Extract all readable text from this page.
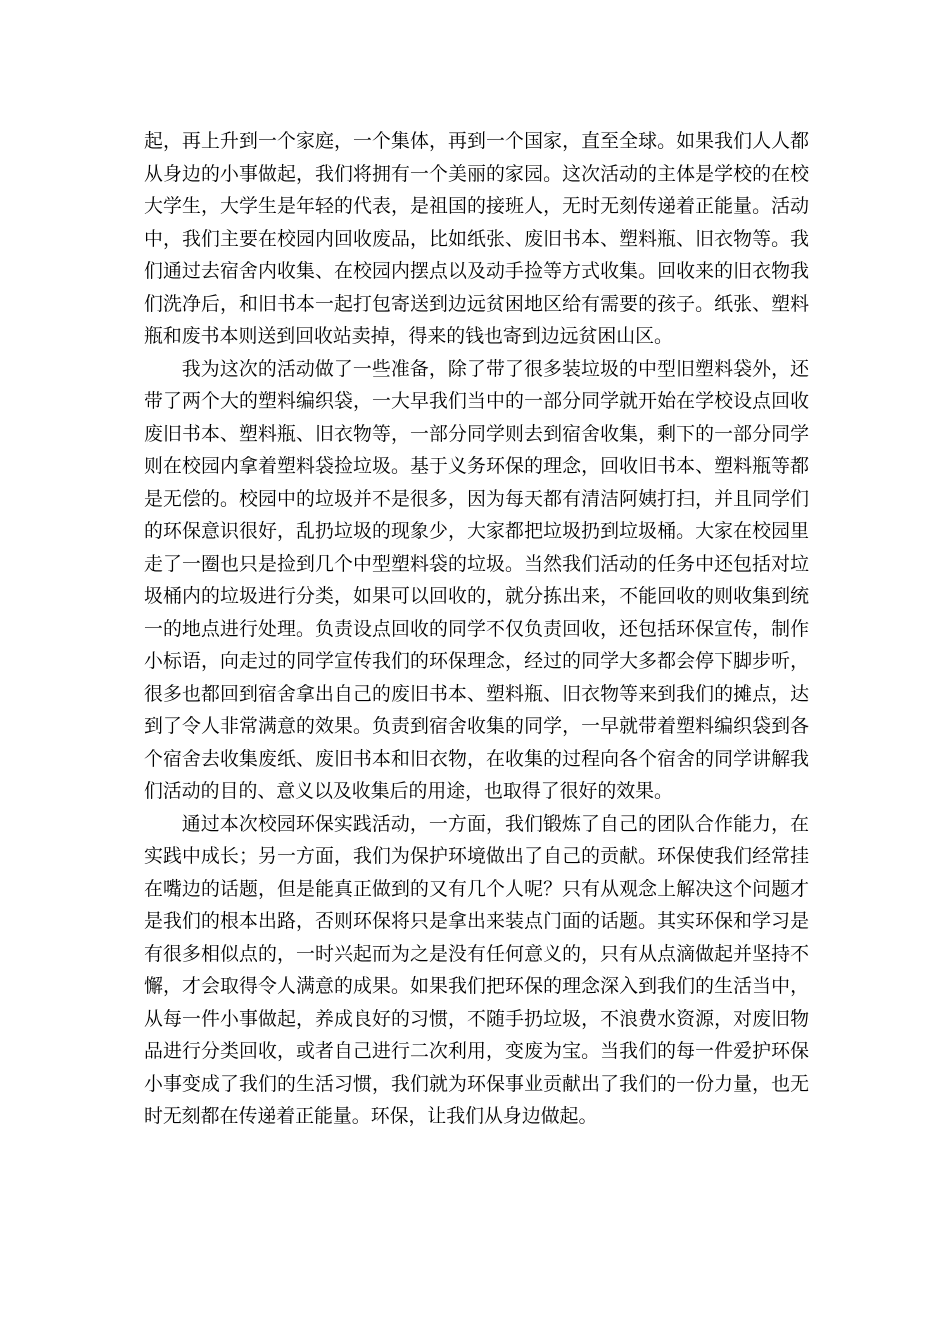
起，再上升到一个家庭，一个集体，再到一个国家，直至全球。如果我们人人都从身边的小事做起，我们将拥有一个美丽的家园。这次活动的主体是学校的在校大学生，大学生是年轻的代表，是祖国的接班人，无时无刻传递着正能量。活动中，我们主要在校园内回收废品，比如纸张、废旧书本、塑料瓶、旧衣物等。我们通过去宿舍内收集、在校园内摆点以及动手捡等方式收集。回收来的旧衣物我们洗净后，和旧书本一起打包寄送到边远贫困地区给有需要的孩子。纸张、塑料瓶和废书本则送到回收站卖掉，得来的钱也寄到边远贫困山区。

我为这次的活动做了一些准备，除了带了很多装垃圾的中型旧塑料袋外，还带了两个大的塑料编织袋，一大早我们当中的一部分同学就开始在学校设点回收废旧书本、塑料瓶、旧衣物等，一部分同学则去到宿舍收集，剩下的一部分同学则在校园内拿着塑料袋捡垃圾。基于义务环保的理念，回收旧书本、塑料瓶等都是无偿的。校园中的垃圾并不是很多，因为每天都有清洁阿姨打扫，并且同学们的环保意识很好，乱扔垃圾的现象少，大家都把垃圾扔到垃圾桶。大家在校园里走了一圈也只是捡到几个中型塑料袋的垃圾。当然我们活动的任务中还包括对垃圾桶内的垃圾进行分类，如果可以回收的，就分拣出来，不能回收的则收集到统一的地点进行处理。负责设点回收的同学不仅负责回收，还包括环保宣传，制作小标语，向走过的同学宣传我们的环保理念，经过的同学大多都会停下脚步听，很多也都回到宿舍拿出自己的废旧书本、塑料瓶、旧衣物等来到我们的摊点，达到了令人非常满意的效果。负责到宿舍收集的同学，一早就带着塑料编织袋到各个宿舍去收集废纸、废旧书本和旧衣物，在收集的过程向各个宿舍的同学讲解我们活动的目的、意义以及收集后的用途，也取得了很好的效果。

通过本次校园环保实践活动，一方面，我们锻炼了自己的团队合作能力，在实践中成长；另一方面，我们为保护环境做出了自己的贡献。环保使我们经常挂在嘴边的话题，但是能真正做到的又有几个人呢？只有从观念上解决这个问题才是我们的根本出路，否则环保将只是拿出来装点门面的话题。其实环保和学习是有很多相似点的，一时兴起而为之是没有任何意义的，只有从点滴做起并坚持不懈，才会取得令人满意的成果。如果我们把环保的理念深入到我们的生活当中，从每一件小事做起，养成良好的习惯，不随手扔垃圾，不浪费水资源，对废旧物品进行分类回收，或者自己进行二次利用，变废为宝。当我们的每一件爱护环保小事变成了我们的生活习惯，我们就为环保事业贡献出了我们的一份力量，也无时无刻都在传递着正能量。环保，让我们从身边做起。
